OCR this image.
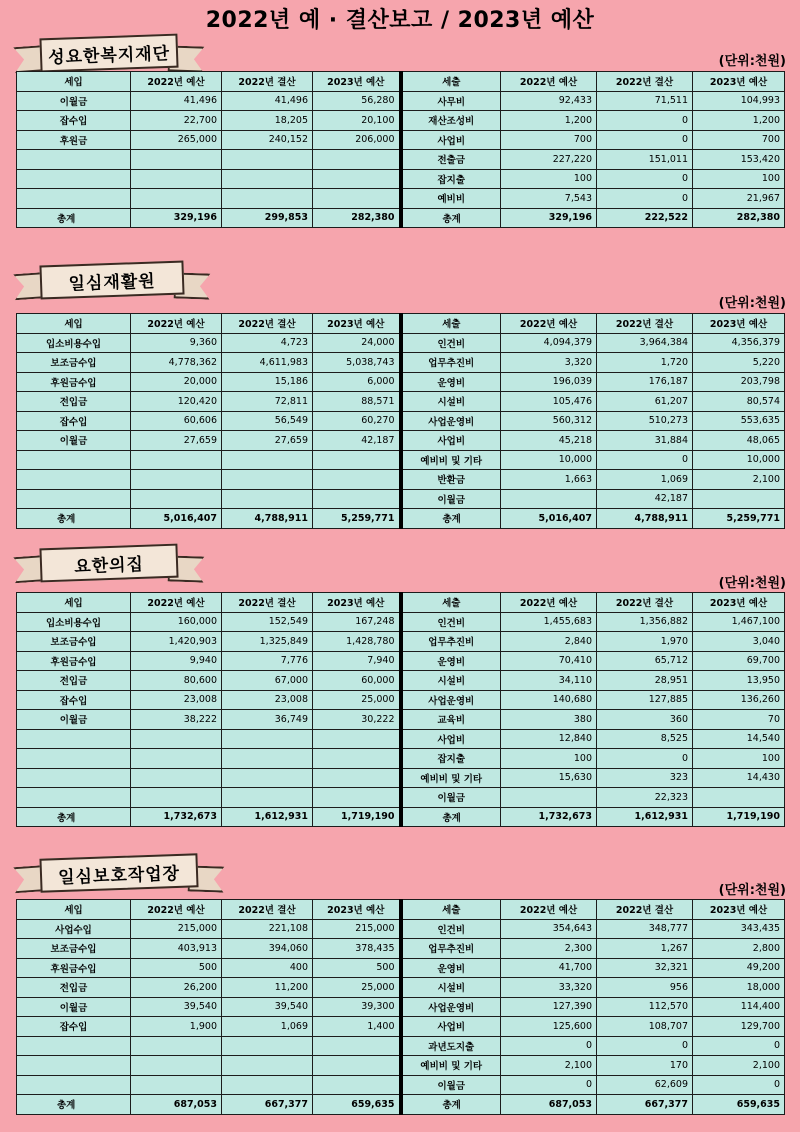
2022년 예 · 결산보고 / 2023년 예산
성요한복지재단	(단위:천원)
세입	2022년 예산	2022년 결산	2023년 예산	세출	2022년 예산	2022년 결산	2023년 예산
이월금	41,496	41,496	56,280	사무비	92,433	71,511	104,993
잡수입	22,700	18,205	20,100	재산조성비	1,200	0	1,200
후원금	265,000	240,152	206,000	사업비	700	0	700
				전출금	227,220	151,011	153,420
				잡지출	100	0	100
				예비비	7,543	0	21,967
총계	329,196	299,853	282,380	총계	329,196	222,522	282,380
일심재활원
(단위:천원)
세입	2022년 예산	2022년 결산	2023년 예산	세출	2022년 예산	2022년 결산	2023년 예산
입소비용수입	9,360	4,723	24,000	인건비	4,094,379	3,964,384	4,356,379
보조금수입	4,778,362	4,611,983	5,038,743	업무추진비	3,320	1,720	5,220
후원금수입	20,000	15,186	6,000	운영비	196,039	176,187	203,798
전입금	120,420	72,811	88,571	시설비	105,476	61,207	80,574
잡수입	60,606	56,549	60,270	사업운영비	560,312	510,273	553,635
이월금	27,659	27,659	42,187	사업비	45,218	31,884	48,065
				예비비 및 기타	10,000	0	10,000
				반환금	1,663	1,069	2,100
				이월금		42,187	
총계	5,016,407	4,788,911	5,259,771	총계	5,016,407	4,788,911	5,259,771
요한의집
(단위:천원)
세입	2022년 예산	2022년 결산	2023년 예산	세출	2022년 예산	2022년 결산	2023년 예산
입소비용수입	160,000	152,549	167,248	인건비	1,455,683	1,356,882	1,467,100
보조금수입	1,420,903	1,325,849	1,428,780	업무추진비	2,840	1,970	3,040
후원금수입	9,940	7,776	7,940	운영비	70,410	65,712	69,700
전입금	80,600	67,000	60,000	시설비	34,110	28,951	13,950
잡수입	23,008	23,008	25,000	사업운영비	140,680	127,885	136,260
이월금	38,222	36,749	30,222	교육비	380	360	70
				사업비	12,840	8,525	14,540
				잡지출	100	0	100
				예비비 및 기타	15,630	323	14,430
				이월금		22,323	
총계	1,732,673	1,612,931	1,719,190	총계	1,732,673	1,612,931	1,719,190
일심보호작업장
(단위:천원)
세입	2022년 예산	2022년 결산	2023년 예산	세출	2022년 예산	2022년 결산	2023년 예산
사업수입	215,000	221,108	215,000	인건비	354,643	348,777	343,435
보조금수입	403,913	394,060	378,435	업무추진비	2,300	1,267	2,800
후원금수입	500	400	500	운영비	41,700	32,321	49,200
전입금	26,200	11,200	25,000	시설비	33,320	956	18,000
이월금	39,540	39,540	39,300	사업운영비	127,390	112,570	114,400
잡수입	1,900	1,069	1,400	사업비	125,600	108,707	129,700
				과년도지출	0	0	0
				예비비 및 기타	2,100	170	2,100
				이월금	0	62,609	0
총계	687,053	667,377	659,635	총계	687,053	667,377	659,635
